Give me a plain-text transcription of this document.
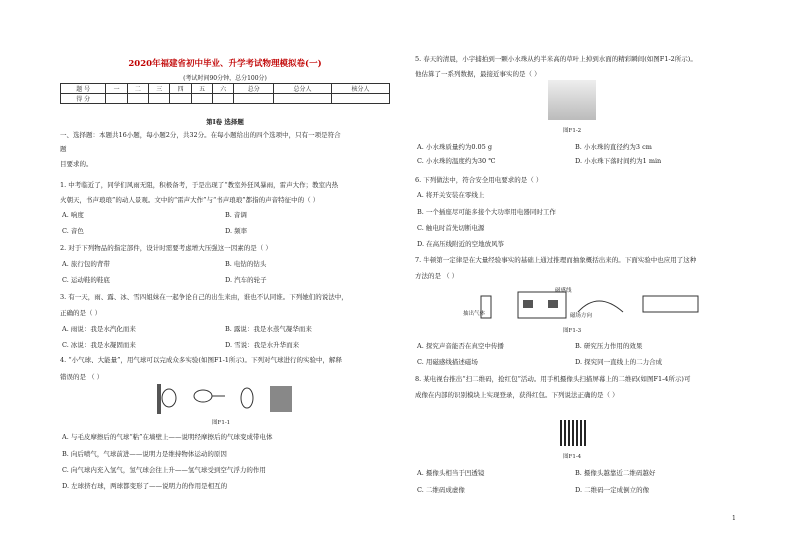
2020年福建省初中毕业、升学考试物理模拟卷(一)
(考试时间90分钟，总分100分)
题 号	一	二	三	四	五	六	总分	总分人	核分人
得 分									
第Ⅰ卷 选择题
一、选择题：本题共16小题，每小题2分，共32分。在每小题给出的四个选项中，只有一项是符合
题
目要求的。
1. 中考临近了，同学们风雨无阻，积极备考，于是出现了“教室外狂风暴雨，雷声大作；教室内热
火朝天，书声琅琅”的动人景观。文中的“雷声大作”与“书声琅琅”都指的声音特征中的（ ）
A. 响度	B. 音调
C. 音色	D. 频率
2. 对于下列物品的指定部件，设计时需要考虑增大压强这一因素的是（ ）
A. 旅行包的背带	B. 电钻的钻头
C. 运动鞋的鞋底	D. 汽车的轮子
3. 有一天，雨、露、冰、雪四姐妹在一起争论自己的出生来由，谁也不认同谁。下列她们的说法中，
正确的是（ ）
A. 雨说：我是水汽化而来	B. 露说：我是水蒸气凝华而来
C. 冰说：我是水凝固而来	D. 雪说：我是水升华而来
4. “小气球、大能量”，用气球可以完成众多实验(如图F1-1所示)。下列对气球进行的实验中，解释
错误的是 （ ）
图F1-1
A. 与毛皮摩擦后的气球“粘”在墙壁上——说明经摩擦后的气球变成带电体
B. 向后喷气，气球前进——说明力是维持物体运动的原因
C. 向气球内充入氢气，氢气球会往上升——氢气球受到空气浮力的作用
D. 左球挤右球，两球都变形了——说明力的作用是相互的
5. 春天的清晨，小宇捕拍到一颗小水珠从约半米高的草叶上掉到水面的精彩瞬间(如图F1-2所示)。
他估算了一系列数据，最接近事实的是（ ）
图F1-2
A. 小水珠质量约为0.05 g	B. 小水珠的直径约为3 cm
C. 小水珠的温度约为30 ℃	D. 小水珠下落时间约为1 min
6. 下列做法中，符合安全用电要求的是（ ）
A. 将开关安装在零线上
B. 一个插座尽可能多接个大功率用电器同时工作
C. 触电时首先切断电源
D. 在高压线附近的空地放风筝
7. 牛顿第一定律是在大量经验事实的基础上通过推理而抽象概括出来的。下面实验中也应用了这种
方法的是 （ ）
磁感线
磁场方向
抽出气体
图F1-3
A. 探究声音能否在真空中传播	B. 研究压力作用的效果
C. 用磁感线描述磁场	D. 探究同一直线上的二力合成
8. 某电视台推出“扫二维码，抢红包”活动。用手机摄像头扫描屏幕上的二维码(如图F1-4所示)可
成像在内部的识别模块上实现登录，获得红包。下列说法正确的是（ ）
图F1-4
A. 摄像头相当于凹透镜	B. 摄像头越靠近二维码越好
C. 二维码成虚像	D. 二维码一定成倒立的像
1
